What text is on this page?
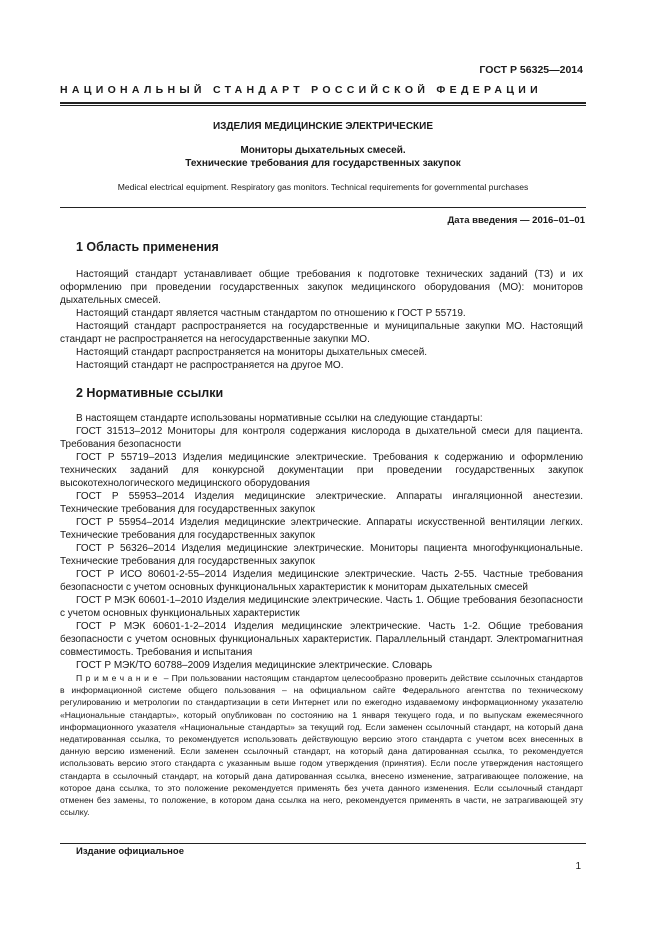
ГОСТ Р 56325—2014
НАЦИОНАЛЬНЫЙ СТАНДАРТ РОССИЙСКОЙ ФЕДЕРАЦИИ
ИЗДЕЛИЯ МЕДИЦИНСКИЕ ЭЛЕКТРИЧЕСКИЕ
Мониторы дыхательных смесей.
Технические требования для государственных закупок
Medical electrical equipment. Respiratory gas monitors. Technical requirements for governmental purchases
Дата введения — 2016–01–01
1 Область применения

Настоящий стандарт устанавливает общие требования к подготовке технических заданий (ТЗ) и их оформлению при проведении государственных закупок медицинского оборудования (МО): мониторов дыхательных смесей.

Настоящий стандарт является частным стандартом по отношению к ГОСТ Р 55719.

Настоящий стандарт распространяется на государственные и муниципальные закупки МО. Настоящий стандарт не распространяется на негосударственные закупки МО.

Настоящий стандарт распространяется на мониторы дыхательных смесей.

Настоящий стандарт не распространяется на другое МО.

2 Нормативные ссылки

В настоящем стандарте использованы нормативные ссылки на следующие стандарты:

ГОСТ 31513–2012 Мониторы для контроля содержания кислорода в дыхательной смеси для пациента. Требования безопасности

ГОСТ Р 55719–2013 Изделия медицинские электрические. Требования к содержанию и оформлению технических заданий для конкурсной документации при проведении государственных закупок высокотехнологического медицинского оборудования

ГОСТ Р 55953–2014 Изделия медицинские электрические. Аппараты ингаляционной анестезии. Технические требования для государственных закупок

ГОСТ Р 55954–2014 Изделия медицинские электрические. Аппараты искусственной вентиляции легких. Технические требования для государственных закупок

ГОСТ Р 56326–2014 Изделия медицинские электрические. Мониторы пациента многофункциональные. Технические требования для государственных закупок

ГОСТ Р ИСО 80601-2-55–2014 Изделия медицинские электрические. Часть 2-55. Частные требования безопасности с учетом основных функциональных характеристик к мониторам дыхательных смесей

ГОСТ Р МЭК 60601-1–2010 Изделия медицинские электрические. Часть 1. Общие требования безопасности с учетом основных функциональных характеристик

ГОСТ Р МЭК 60601-1-2–2014 Изделия медицинские электрические. Часть 1-2. Общие требования безопасности с учетом основных функциональных характеристик. Параллельный стандарт. Электромагнитная совместимость. Требования и испытания

ГОСТ Р МЭК/ТО 60788–2009 Изделия медицинские электрические. Словарь

Примечание – При пользовании настоящим стандартом целесообразно проверить действие ссылочных стандартов в информационной системе общего пользования – на официальном сайте Федерального агентства по техническому регулированию и метрологии по стандартизации в сети Интернет или по ежегодно издаваемому информационному указателю «Национальные стандарты», который опубликован по состоянию на 1 января текущего года, и по выпускам ежемесячного информационного указателя «Национальные стандарты» за текущий год. Если заменен ссылочный стандарт, на который дана недатированная ссылка, то рекомендуется использовать действующую версию этого стандарта с учетом всех внесенных в данную версию изменений. Если заменен ссылочный стандарт, на который дана датированная ссылка, то рекомендуется использовать версию этого стандарта с указанным выше годом утверждения (принятия). Если после утверждения настоящего стандарта в ссылочный стандарт, на который дана датированная ссылка, внесено изменение, затрагивающее положение, на которое дана ссылка, то это положение рекомендуется применять без учета данного изменения. Если ссылочный стандарт отменен без замены, то положение, в котором дана ссылка на него, рекомендуется применять в части, не затрагивающей эту ссылку.

Издание официальное
1
